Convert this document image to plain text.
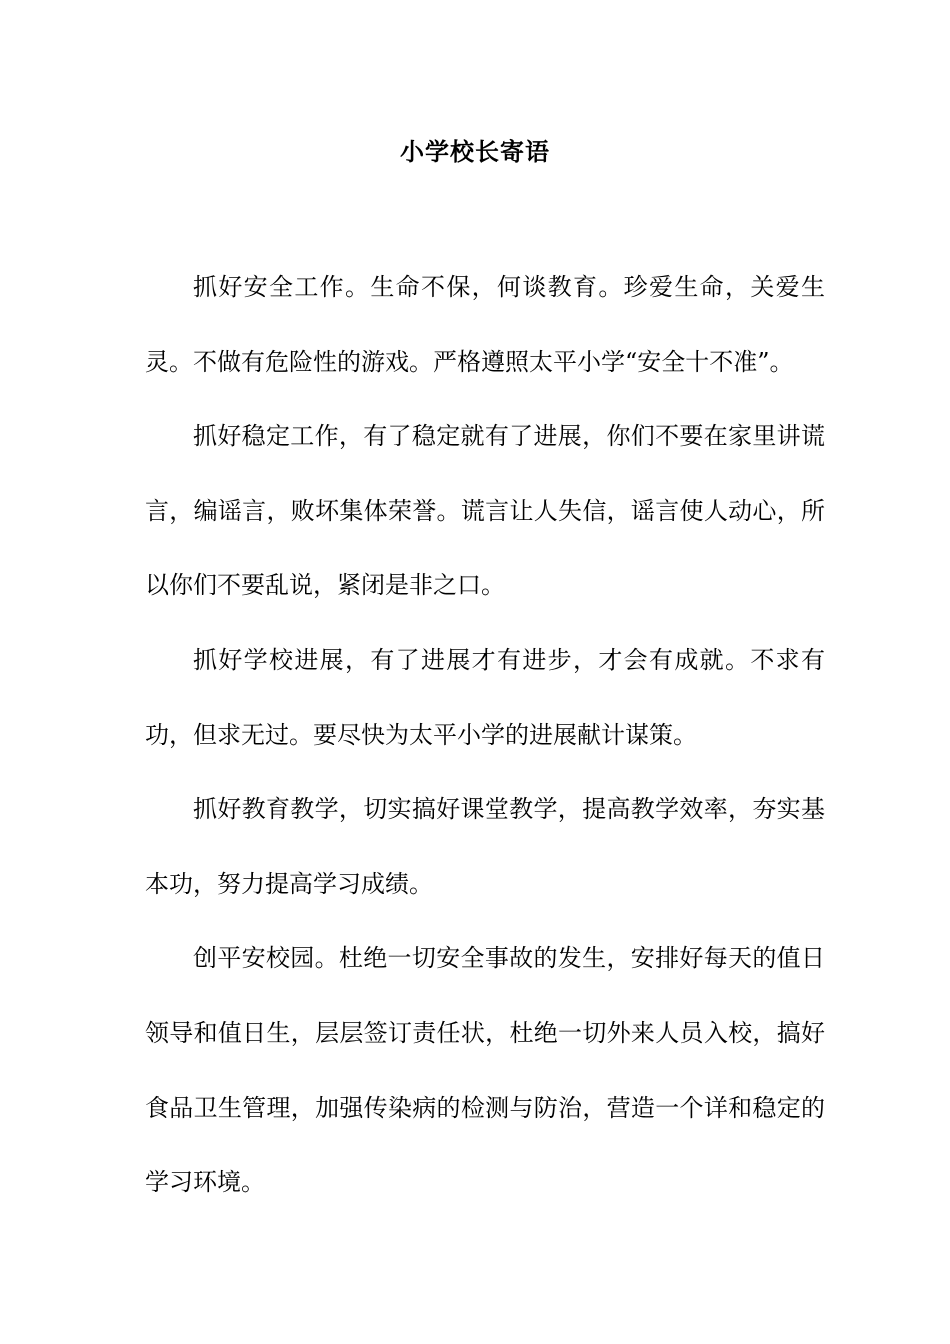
小学校长寄语

抓好安全工作。生命不保，何谈教育。珍爱生命，关爱生灵。不做有危险性的游戏。严格遵照太平小学“安全十不准”。

抓好稳定工作，有了稳定就有了进展，你们不要在家里讲谎言，编谣言，败坏集体荣誉。谎言让人失信，谣言使人动心，所以你们不要乱说，紧闭是非之口。

抓好学校进展，有了进展才有进步，才会有成就。不求有功，但求无过。要尽快为太平小学的进展献计谋策。

抓好教育教学，切实搞好课堂教学，提高教学效率，夯实基本功，努力提高学习成绩。

创平安校园。杜绝一切安全事故的发生，安排好每天的值日领导和值日生，层层签订责任状，杜绝一切外来人员入校，搞好食品卫生管理，加强传染病的检测与防治，营造一个详和稳定的学习环境。
